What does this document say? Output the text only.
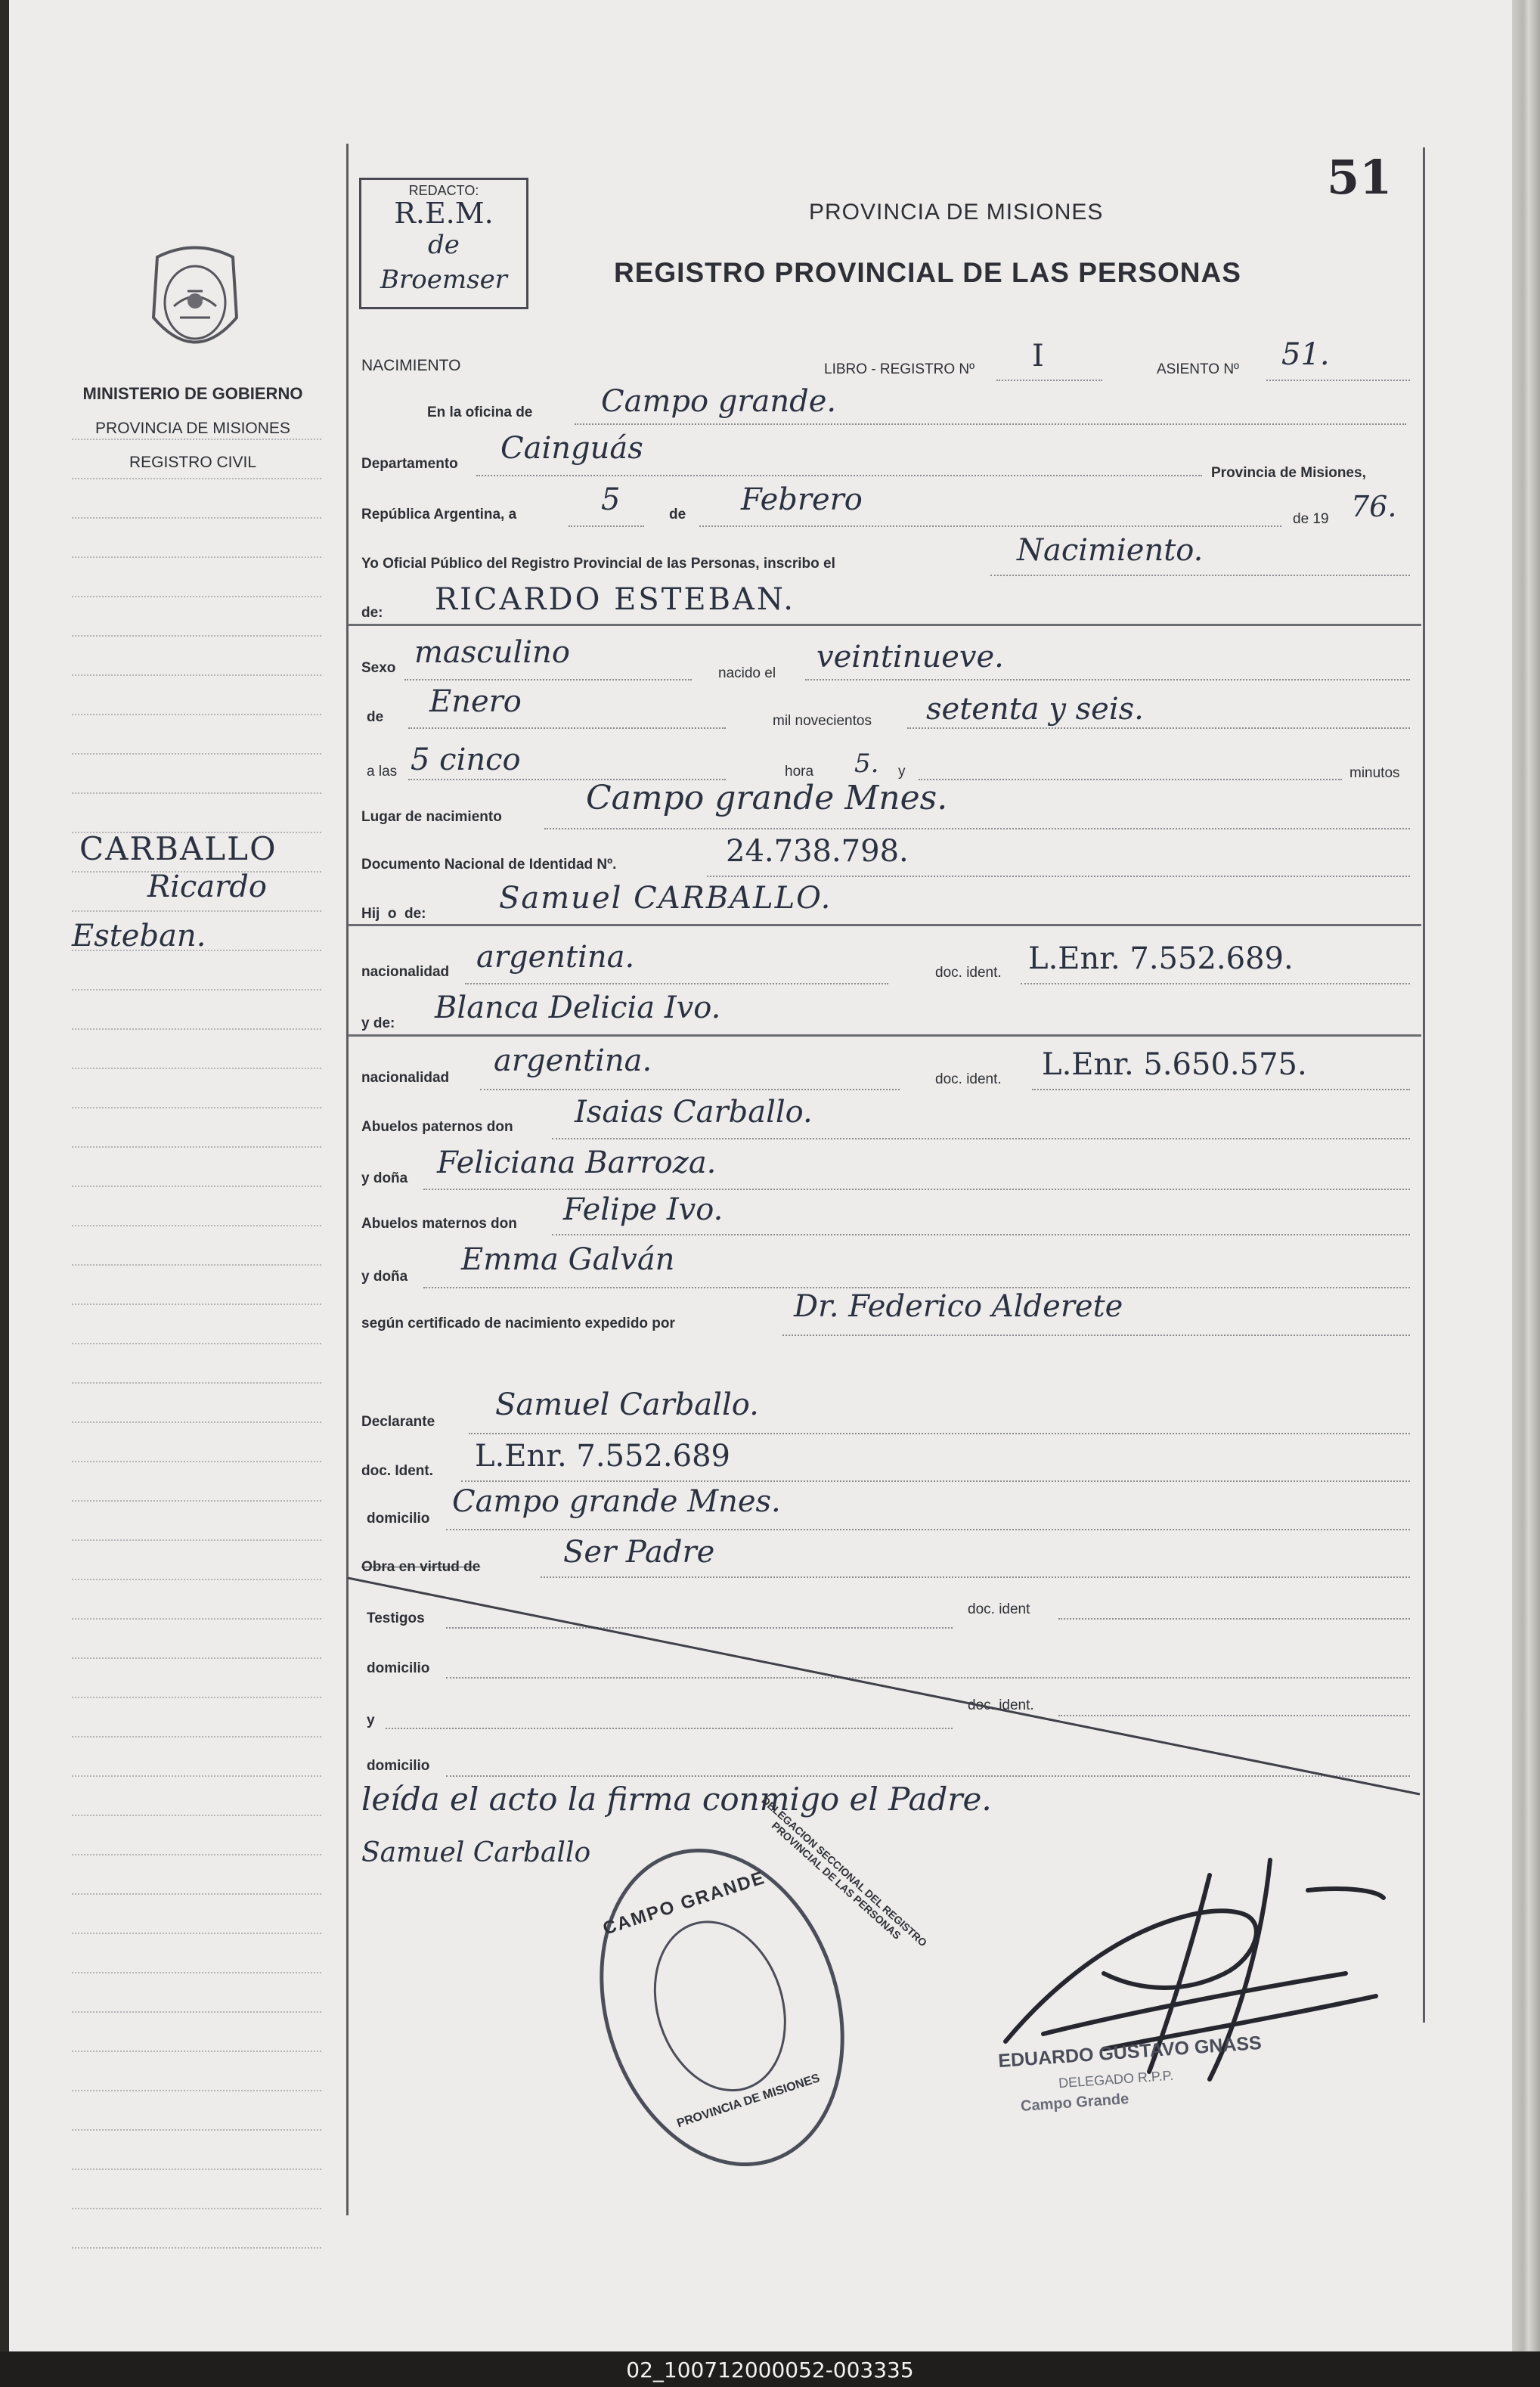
02_100712000052-003335
MINISTERIO DE GOBIERNO
PROVINCIA DE MISIONES
REGISTRO CIVIL
CARBALLO
Ricardo
Esteban.
REDACTO:
R.E.M.
de
Broemser
51
PROVINCIA DE MISIONES
REGISTRO PROVINCIAL DE LAS PERSONAS
NACIMIENTO	LIBRO - REGISTRO Nº I	ASIENTO Nº 51.
En la oficina de Campo grande.
Departamento Cainguás
Provincia de Misiones,
República Argentina, a	5	de Febrero
de 19 76.
Yo Oficial Público del Registro Provincial de las Personas, inscribo el	Nacimiento.
de: RICARDO ESTEBAN.
Sexo masculino
nacido el veintinueve.
de Enero
mil novecientos setenta y seis.
a las 5 cinco	hora 5. y	minutos
Lugar de nacimiento	Campo grande Mnes.
Documento Nacional de Identidad Nº.	24.738.798.
Hij  o  de: Samuel CARBALLO.
nacionalidad argentina.	doc. ident. L.Enr. 7.552.689.
y de: Blanca Delicia Ivo.
nacionalidad argentina.
doc. ident. L.Enr. 5.650.575.
Abuelos paternos don Isaias Carballo.
y doña Feliciana Barroza.
Abuelos maternos don Felipe Ivo.
y doña Emma Galván
según certificado de nacimiento expedido por	Dr. Federico Alderete
Declarante Samuel Carballo.
doc. Ident. L.Enr. 7.552.689
domicilio Campo grande Mnes.
Obra en virtud de	Ser Padre
Testigos
doc. ident
domicilio
y
doc. ident.
domicilio
leída el acto la firma conmigo el Padre.
Samuel Carballo	DELEGACION SECCIONAL DEL REGISTRO PROVINCIAL DE LAS PERSONAS
CAMPO GRANDE
PROVINCIA DE MISIONES
EDUARDO GUSTAVO GNASS
DELEGADO R.P.P.
Campo Grande
